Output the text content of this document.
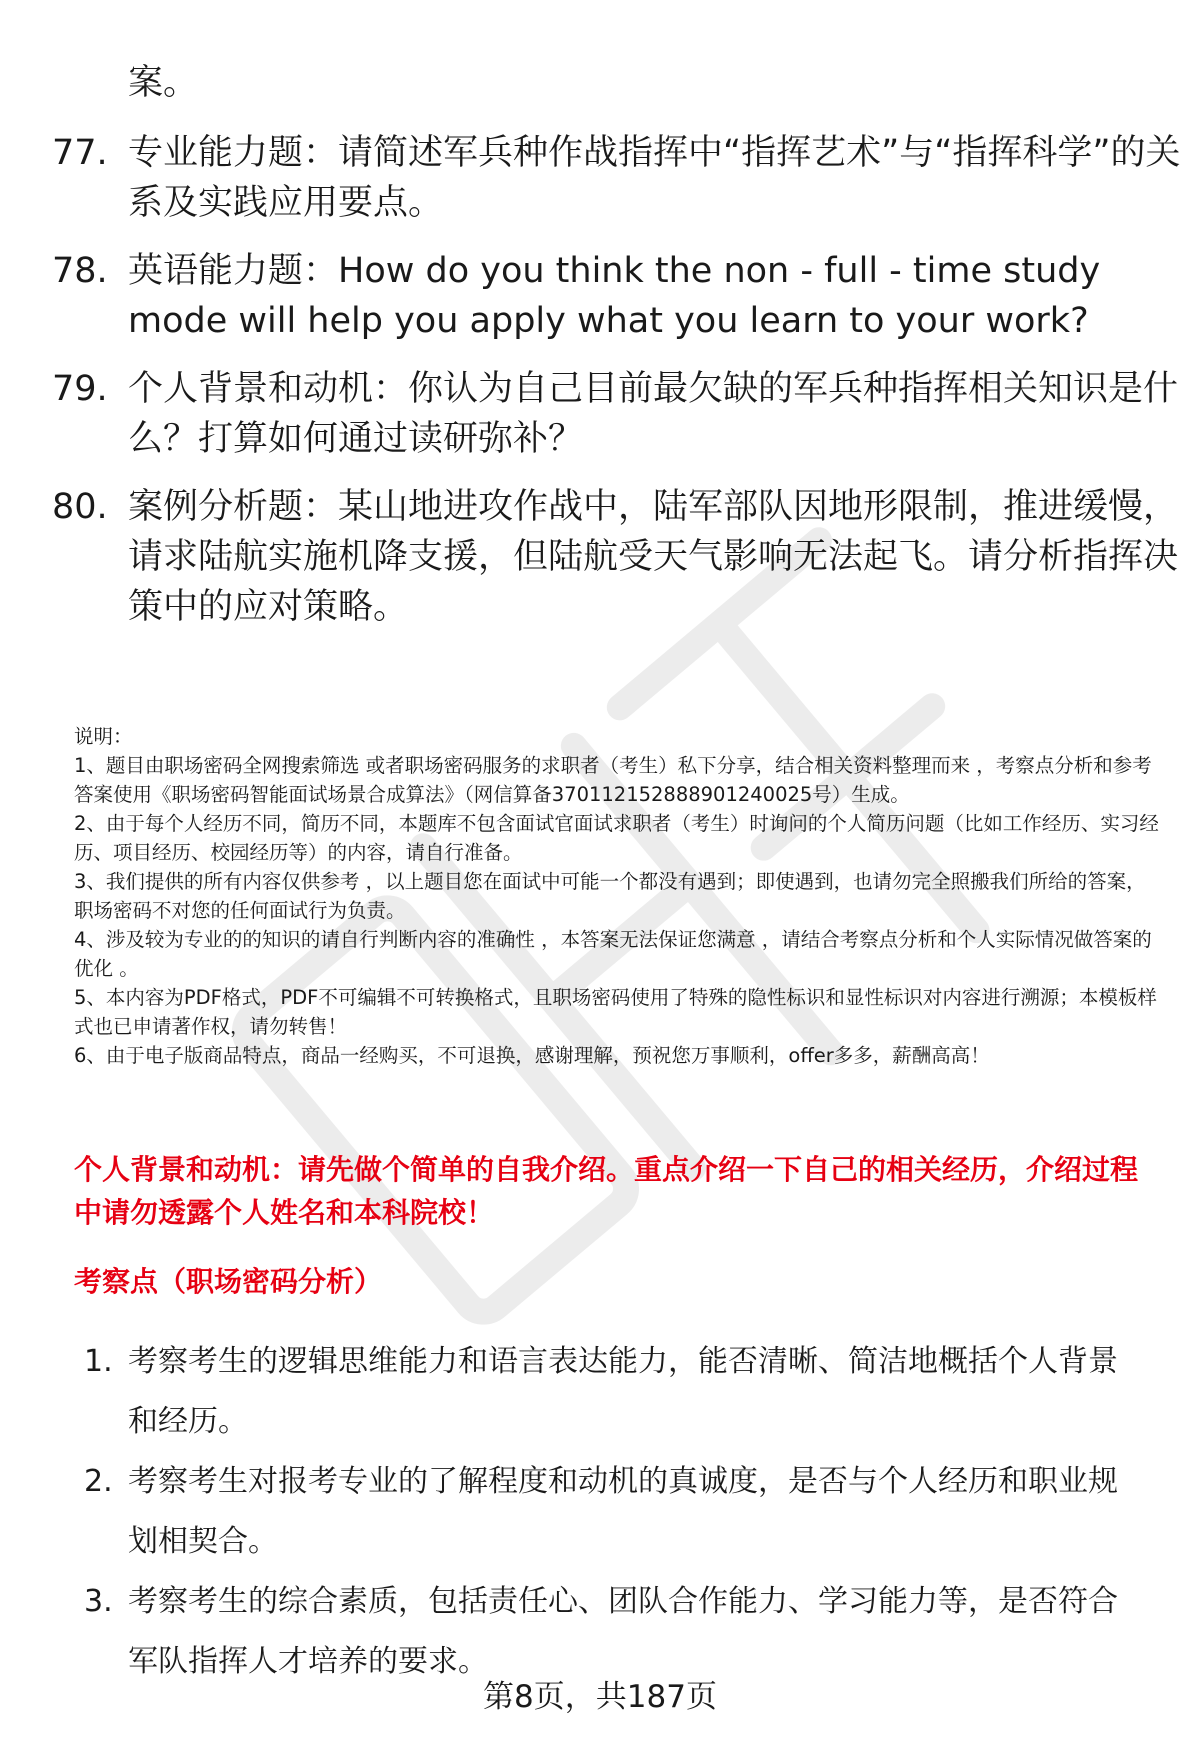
案。

77. 专业能力题：请简述军兵种作战指挥中“指挥艺术”与“指挥科学”的关系及实践应用要点。
78. 英语能力题：How do you think the non - full - time study mode will help you apply what you learn to your work?
79. 个人背景和动机：你认为自己目前最欠缺的军兵种指挥相关知识是什么？打算如何通过读研弥补？
80. 案例分析题：某山地进攻作战中，陆军部队因地形限制，推进缓慢，请求陆航实施机降支援，但陆航受天气影响无法起飞。请分析指挥决策中的应对策略。

说明：

1、题目由职场密码全网搜索筛选 或者职场密码服务的求职者（考生）私下分享，结合相关资料整理而来 ，考察点分析和参考答案使用《职场密码智能面试场景合成算法》（网信算备370112152888901240025号）生成。

2、由于每个人经历不同，简历不同，本题库不包含面试官面试求职者（考生）时询问的个人简历问题（比如工作经历、实习经历、项目经历、校园经历等）的内容，请自行准备。

3、我们提供的所有内容仅供参考 ，以上题目您在面试中可能一个都没有遇到；即使遇到，也请勿完全照搬我们所给的答案，职场密码不对您的任何面试行为负责。

4、涉及较为专业的的知识的请自行判断内容的准确性 ，本答案无法保证您满意 ，请结合考察点分析和个人实际情况做答案的优化 。

5、本内容为PDF格式，PDF不可编辑不可转换格式，且职场密码使用了特殊的隐性标识和显性标识对内容进行溯源；本模板样式也已申请著作权，请勿转售！

6、由于电子版商品特点，商品一经购买，不可退换，感谢理解，预祝您万事顺利，offer多多，薪酬高高！

个人背景和动机：请先做个简单的自我介绍。重点介绍一下自己的相关经历，介绍过程中请勿透露个人姓名和本科院校！

考察点（职场密码分析）

1. 考察考生的逻辑思维能力和语言表达能力，能否清晰、简洁地概括个人背景和经历。
2. 考察考生对报考专业的了解程度和动机的真诚度，是否与个人经历和职业规划相契合。
3. 考察考生的综合素质，包括责任心、团队合作能力、学习能力等，是否符合军队指挥人才培养的要求。
第8页，共187页
